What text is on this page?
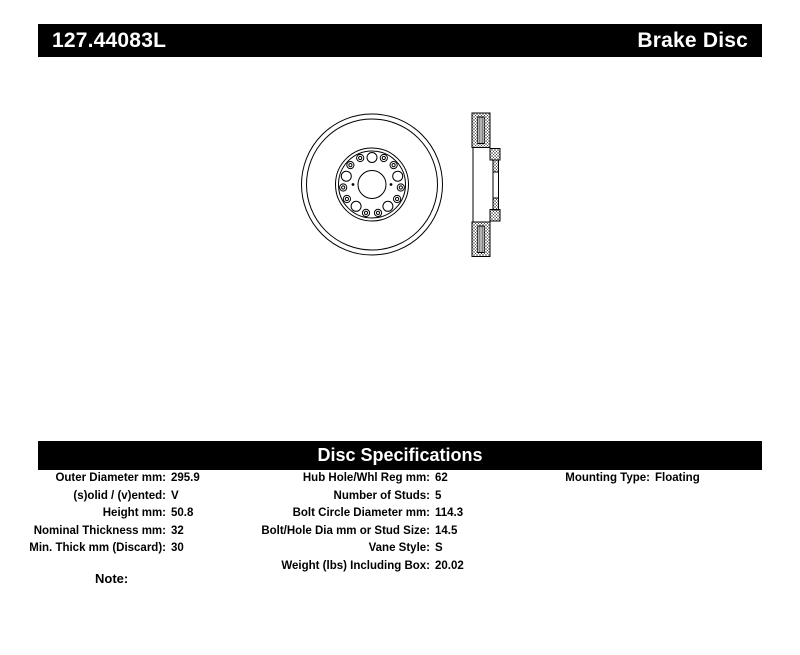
127.44083L	Brake Disc
Disc Specifications
Outer Diameter mm: 295.9
(s)olid / (v)ented: V
Height mm: 50.8
Nominal Thickness mm: 32
Min. Thick mm (Discard): 30
Hub Hole/Whl Reg mm: 62
Number of Studs: 5
Bolt Circle Diameter mm: 114.3
Bolt/Hole Dia mm or Stud Size: 14.5
Vane Style: S
Weight (lbs) Including Box: 20.02
Mounting Type: Floating
Note:
